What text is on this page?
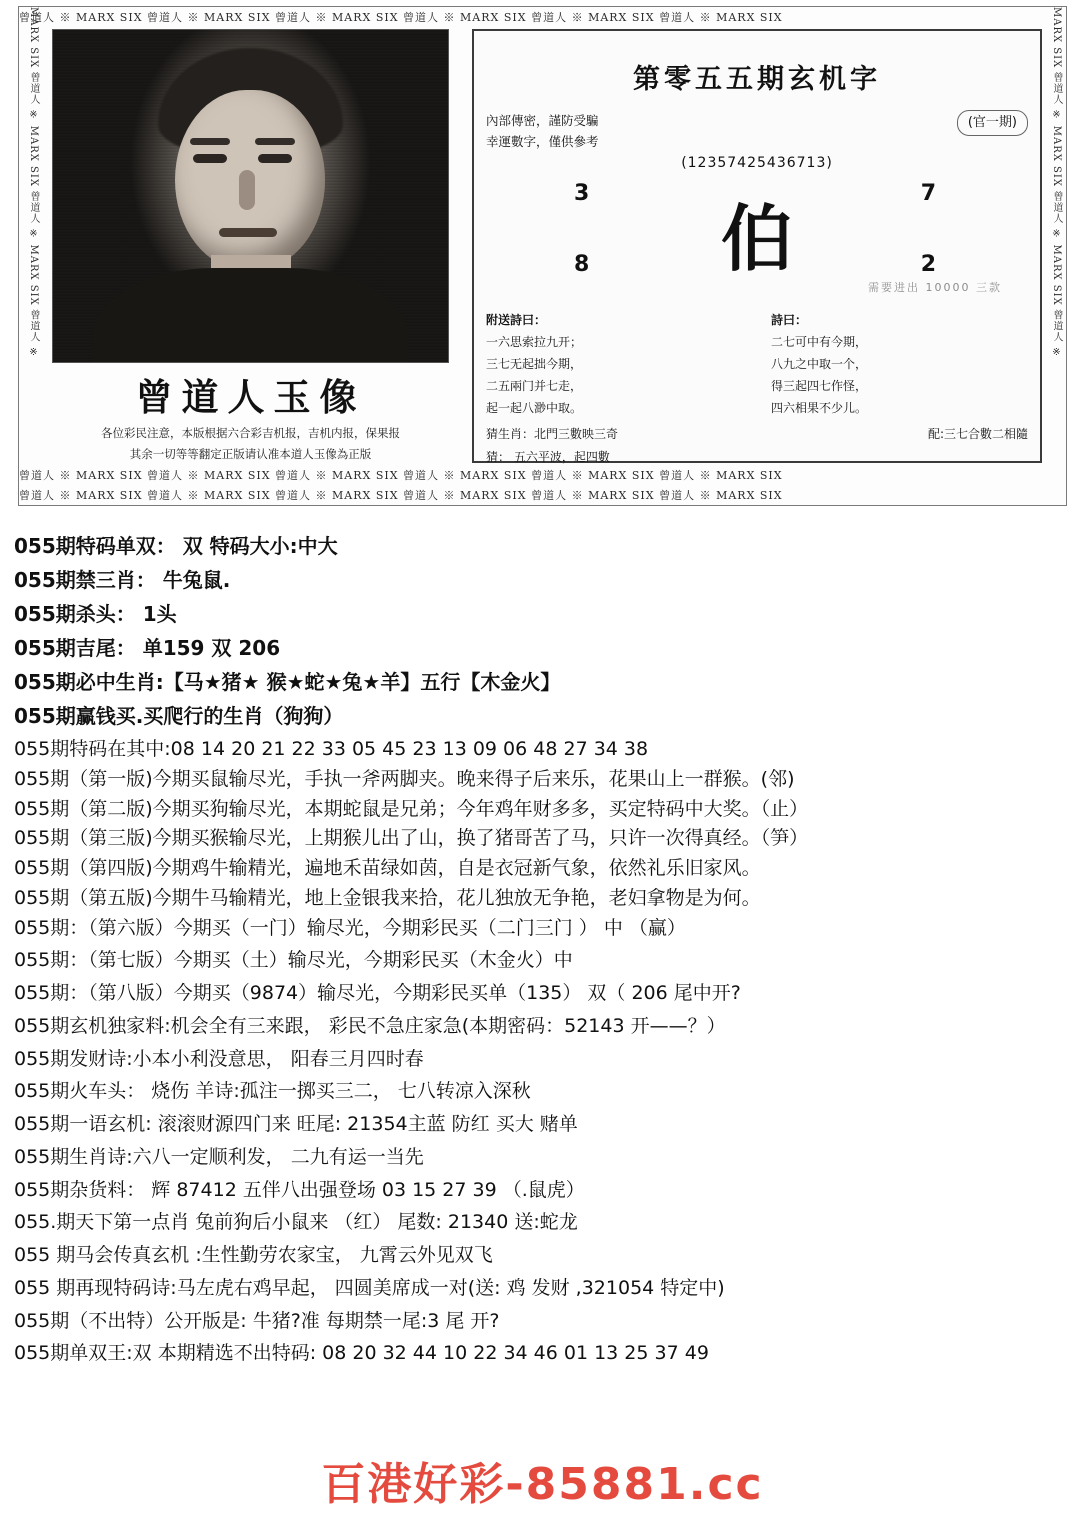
曾道人 ※ MARX SIX 曾道人 ※ MARX SIX 曾道人 ※ MARX SIX 曾道人 ※ MARX SIX 曾道人 ※ MARX SIX 曾道人 ※ MARX SIX
MARX SIX 曾道人 ※ MARX SIX 曾道人 ※ MARX SIX 曾道人 ※	MARX SIX 曾道人 ※ MARX SIX 曾道人 ※ MARX SIX 曾道人 ※
曾道人 ※ MARX SIX 曾道人 ※ MARX SIX 曾道人 ※ MARX SIX 曾道人 ※ MARX SIX 曾道人 ※ MARX SIX 曾道人 ※ MARX SIX
曾道人 ※ MARX SIX 曾道人 ※ MARX SIX 曾道人 ※ MARX SIX 曾道人 ※ MARX SIX 曾道人 ※ MARX SIX 曾道人 ※ MARX SIX
曾道人玉像
各位彩民注意，本版根据六合彩吉机报，吉机内报，保果报
其余一切等等翻定正版请认准本道人玉像為正版
第零五五期玄机字
內部傳密，謹防受騙
幸運數字，僅供參考
(官一期)
(12357425436713)
3	7
伯
8	2
需要进出 10000 三款
附送詩曰：
一六思索拉九开；
三七无起拙今期，
二五兩门并七走，
起一起八渺中取。
詩曰：
二七可中有今期，
八九之中取一个，
得三起四七作怪，
四六相果不少儿。
猜生肖：北門三數映三奇	配:三七合數二相隨
猜： 五六平波，起四數

055期特码单双： 双 特码大小:中大

055期禁三肖： 牛兔鼠.

055期杀头： 1头

055期吉尾： 单159 双 206

055期必中生肖:【马★猪★ 猴★蛇★兔★羊】五行【木金火】

055期赢钱买.买爬行的生肖（狗狗）

055期特码在其中:08 14 20 21 22 33 05 45 23 13 09 06 48 27 34 38

055期（第一版)今期买鼠输尽光，手执一斧两脚夹。晚来得子后来乐，花果山上一群猴。(邻)

055期（第二版)今期买狗输尽光，本期蛇鼠是兄弟；今年鸡年财多多，买定特码中大奖。（止）

055期（第三版)今期买猴输尽光，上期猴儿出了山，换了猪哥苦了马，只许一次得真经。（笋）

055期（第四版)今期鸡牛输精光，遍地禾苗绿如茵，自是衣冠新气象，依然礼乐旧家风。

055期（第五版)今期牛马输精光，地上金银我来拾，花儿独放无争艳，老妇拿物是为何。

055期：（第六版）今期买（一门）输尽光，今期彩民买（二门三门 ） 中 （赢）

055期：（第七版）今期买（土）输尽光，今期彩民买（木金火）中

055期：（第八版）今期买（9874）输尽光，今期彩民买单（135） 双（ 206 尾中开?

055期玄机独家料:机会全有三来跟， 彩民不急庄家急(本期密码：52143 开——？）

055期发财诗:小本小利没意思， 阳春三月四时春

055期火车头： 烧伤 羊诗:孤注一掷买三二， 七八转凉入深秋

055期一语玄机: 滚滚财源四门来 旺尾: 21354主蓝 防红 买大 赌单

055期生肖诗:六八一定顺利发， 二九有运一当先

055期杂货料： 辉 87412 五伴八出强登场 03 15 27 39 （.鼠虎）

055.期天下第一点肖 兔前狗后小鼠来 （红） 尾数: 21340 送:蛇龙

055 期马会传真玄机 :生性勤劳农家宝， 九霄云外见双飞

055 期再现特码诗:马左虎右鸡早起， 四圆美席成一对(送: 鸡 发财 ,321054 特定中)

055期（不出特）公开版是: 牛猪?准 每期禁一尾:3 尾 开?

055期单双王:双 本期精选不出特码: 08 20 32 44 10 22 34 46 01 13 25 37 49

百港好彩-85881.cc
